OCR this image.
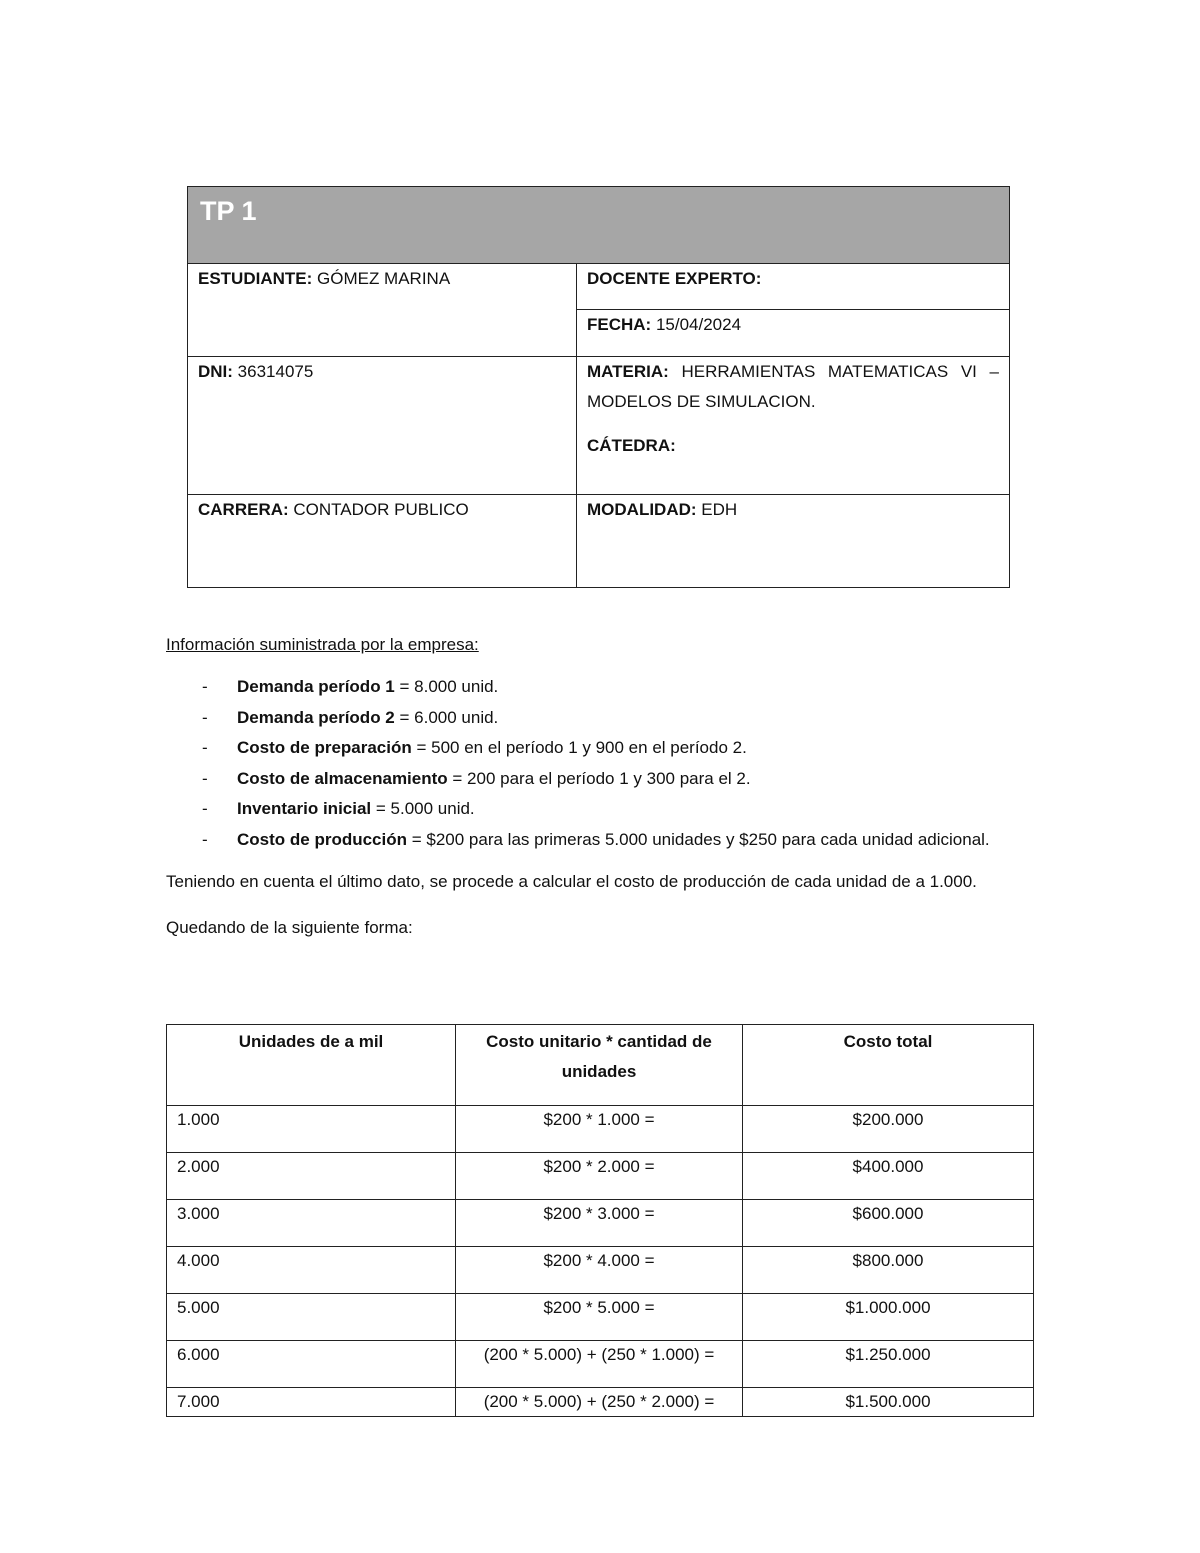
TP 1	
ESTUDIANTE: GÓMEZ MARINA	DOCENTE EXPERTO:
	FECHA: 15/04/2024
DNI: 36314075	MATERIA: HERRAMIENTAS MATEMATICAS VI – MODELOS DE SIMULACION.
CÁTEDRA:

CARRERA: CONTADOR PUBLICO	MODALIDAD: EDH
Información suministrada por la empresa:
- Demanda período 1 = 8.000 unid.
- Demanda período 2 = 6.000 unid.
- Costo de preparación = 500 en el período 1 y 900 en el período 2.
- Costo de almacenamiento = 200 para el período 1 y 300 para el 2.
- Inventario inicial = 5.000 unid.
- Costo de producción = $200 para las primeras 5.000 unidades y $250 para cada unidad adicional.

Teniendo en cuenta el último dato, se procede a calcular el costo de producción de cada unidad de a 1.000.

Quedando de la siguiente forma:

Unidades de a mil	Costo unitario * cantidad de unidades	Costo total
1.000	$200 * 1.000 =	$200.000
2.000	$200 * 2.000 =	$400.000
3.000	$200 * 3.000 =	$600.000
4.000	$200 * 4.000 =	$800.000
5.000	$200 * 5.000 =	$1.000.000
6.000	(200 * 5.000) + (250 * 1.000) =	$1.250.000
7.000	(200 * 5.000) + (250 * 2.000) =	$1.500.000
